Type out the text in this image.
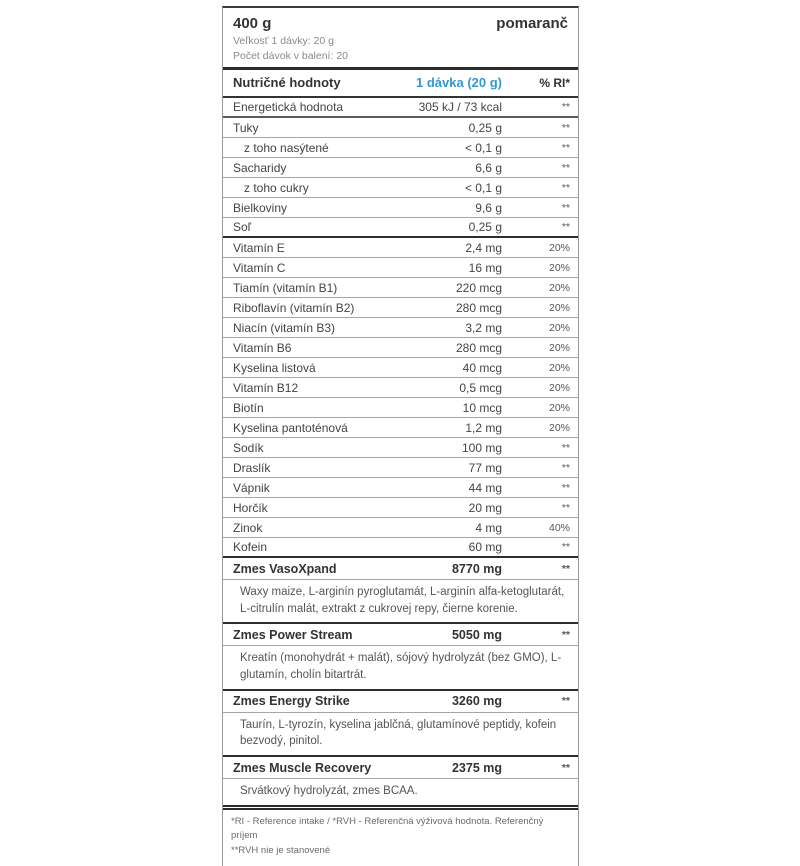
400 g	pomaranč
Veľkosť 1 dávky: 20 g
Počet dávok v balení: 20
Nutričné hodnoty	1 dávka (20 g)	% RI*
Energetická hodnota	305 kJ / 73 kcal	**
Tuky	0,25 g	**
z toho nasýtené	< 0,1 g	**
Sacharidy	6,6 g	**
z toho cukry	< 0,1 g	**
Bielkoviny	9,6 g	**
Soľ	0,25 g	**
Vitamín E	2,4 mg	20%
Vitamín C	16 mg	20%
Tiamín (vitamín B1)	220 mcg	20%
Riboflavín (vitamín B2)	280 mcg	20%
Niacín (vitamín B3)	3,2 mg	20%
Vitamín B6	280 mcg	20%
Kyselina listová	40 mcg	20%
Vitamín B12	0,5 mcg	20%
Biotín	10 mcg	20%
Kyselina pantoténová	1,2 mg	20%
Sodík	100 mg	**
Draslík	77 mg	**
Vápnik	44 mg	**
Horčík	20 mg	**
Zinok	4 mg	40%
Kofein	60 mg	**
Zmes VasoXpand	8770 mg	**
Waxy maize, L-arginín pyroglutamát, L-arginín alfa-ketoglutarát, L-citrulín malát, extrakt z cukrovej repy, čierne korenie.
Zmes Power Stream	5050 mg	**
Kreatín (monohydrát + malát), sójový hydrolyzát (bez GMO), L-glutamín, cholín bitartrát.
Zmes Energy Strike	3260 mg	**
Taurín, L-tyrozín, kyselina jablčná, glutamínové peptidy, kofein bezvodý, pinitol.
Zmes Muscle Recovery	2375 mg	**
Srvátkový hydrolyzát, zmes BCAA.
*RI - Reference intake / *RVH - Referenčná výživová hodnota. Referenčný príjem
**RVH nie je stanovené
